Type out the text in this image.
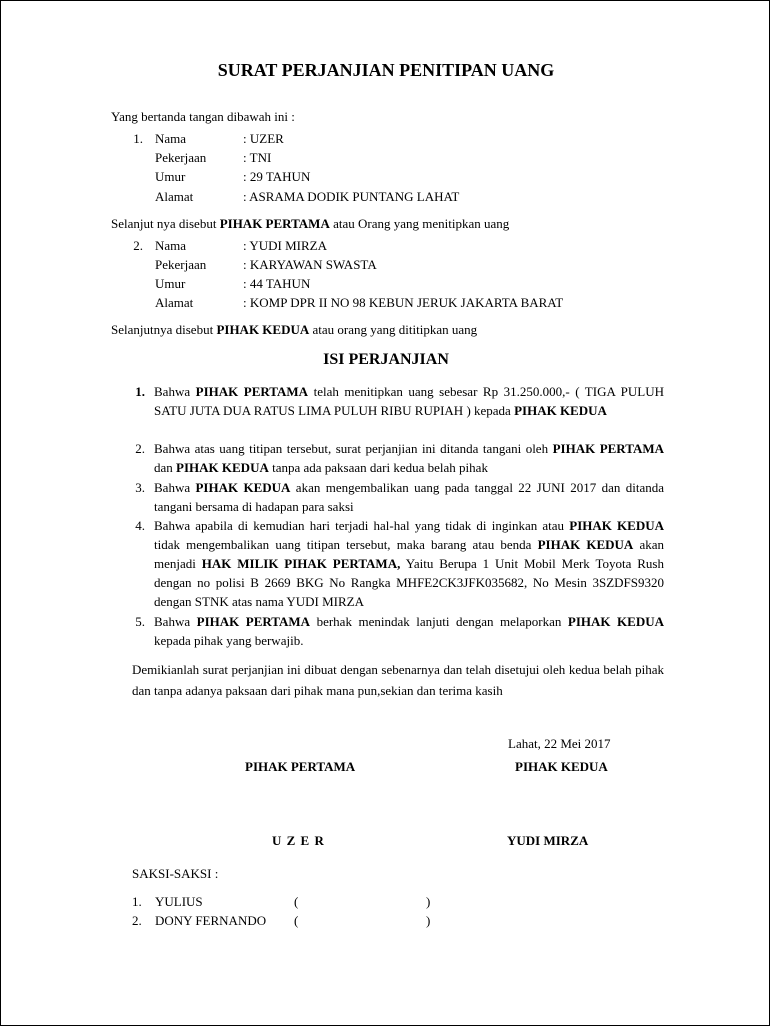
SURAT PERJANJIAN PENITIPAN UANG
Yang bertanda tangan dibawah ini :
1. Nama	: UZER
Pekerjaan	: TNI
Umur	: 29 TAHUN
Alamat	: ASRAMA DODIK PUNTANG LAHAT
Selanjut nya disebut PIHAK PERTAMA atau Orang yang menitipkan uang
2. Nama	: YUDI MIRZA
Pekerjaan	: KARYAWAN SWASTA
Umur	: 44 TAHUN
Alamat	: KOMP DPR II NO 98 KEBUN JERUK JAKARTA BARAT
Selanjutnya disebut PIHAK KEDUA atau orang yang dititipkan uang
ISI PERJANJIAN
1. Bahwa PIHAK PERTAMA telah menitipkan uang sebesar Rp 31.250.000,- ( TIGA PULUH SATU JUTA DUA RATUS LIMA PULUH RIBU RUPIAH ) kepada PIHAK KEDUA
2. Bahwa atas uang titipan tersebut, surat perjanjian ini ditanda tangani oleh PIHAK PERTAMA dan PIHAK KEDUA tanpa ada paksaan dari kedua belah pihak
3. Bahwa PIHAK KEDUA akan mengembalikan uang pada tanggal 22 JUNI 2017 dan ditanda tangani bersama di hadapan para saksi
4. Bahwa apabila di kemudian hari terjadi hal-hal yang tidak di inginkan atau PIHAK KEDUA tidak mengembalikan uang titipan tersebut, maka barang atau benda PIHAK KEDUA akan menjadi HAK MILIK PIHAK PERTAMA, Yaitu Berupa 1 Unit Mobil Merk Toyota Rush dengan no polisi B 2669 BKG No Rangka MHFE2CK3JFK035682, No Mesin 3SZDFS9320 dengan STNK atas nama YUDI MIRZA
5. Bahwa PIHAK PERTAMA berhak menindak lanjuti dengan melaporkan PIHAK KEDUA kepada pihak yang berwajib.
Demikianlah surat perjanjian ini dibuat dengan sebenarnya dan telah disetujui oleh kedua belah pihak dan tanpa adanya paksaan dari pihak mana pun,sekian dan terima kasih
Lahat, 22 Mei 2017
PIHAK PERTAMA	PIHAK KEDUA
U Z E R	YUDI MIRZA
SAKSI-SAKSI :
1. YULIUS	(	)
2. DONY FERNANDO (	)
